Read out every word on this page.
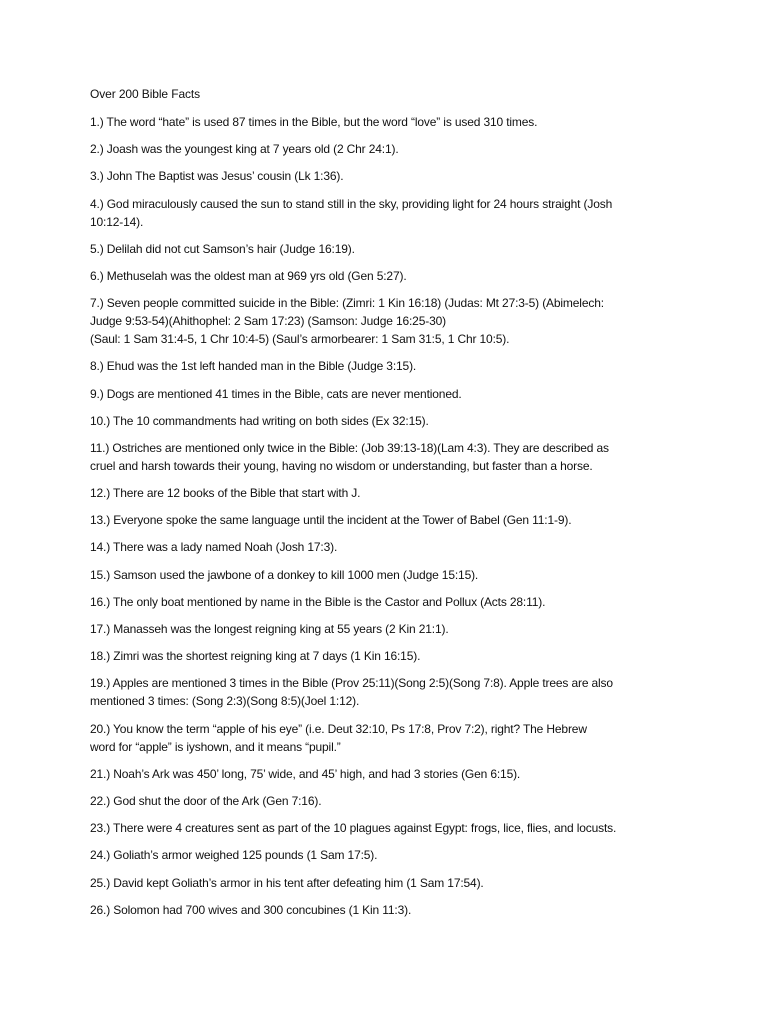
Over 200 Bible Facts
1.) The word “hate” is used 87 times in the Bible, but the word “love” is used 310 times.
2.) Joash was the youngest king at 7 years old (2 Chr 24:1).
3.) John The Baptist was Jesus’ cousin (Lk 1:36).
4.) God miraculously caused the sun to stand still in the sky, providing light for 24 hours straight (Josh
10:12-14).
5.) Delilah did not cut Samson’s hair (Judge 16:19).
6.) Methuselah was the oldest man at 969 yrs old (Gen 5:27).
7.) Seven people committed suicide in the Bible: (Zimri: 1 Kin 16:18) (Judas: Mt 27:3-5) (Abimelech:
Judge 9:53-54)(Ahithophel: 2 Sam 17:23) (Samson: Judge 16:25-30)
(Saul: 1 Sam 31:4-5, 1 Chr 10:4-5) (Saul’s armorbearer: 1 Sam 31:5, 1 Chr 10:5).
8.) Ehud was the 1st left handed man in the Bible (Judge 3:15).
9.) Dogs are mentioned 41 times in the Bible, cats are never mentioned.
10.) The 10 commandments had writing on both sides (Ex 32:15).
11.) Ostriches are mentioned only twice in the Bible: (Job 39:13-18)(Lam 4:3). They are described as
cruel and harsh towards their young, having no wisdom or understanding, but faster than a horse.
12.) There are 12 books of the Bible that start with J.
13.) Everyone spoke the same language until the incident at the Tower of Babel (Gen 11:1-9).
14.) There was a lady named Noah (Josh 17:3).
15.) Samson used the jawbone of a donkey to kill 1000 men (Judge 15:15).
16.) The only boat mentioned by name in the Bible is the Castor and Pollux (Acts 28:11).
17.) Manasseh was the longest reigning king at 55 years (2 Kin 21:1).
18.) Zimri was the shortest reigning king at 7 days (1 Kin 16:15).
19.) Apples are mentioned 3 times in the Bible (Prov 25:11)(Song 2:5)(Song 7:8). Apple trees are also
mentioned 3 times: (Song 2:3)(Song 8:5)(Joel 1:12).
20.) You know the term “apple of his eye” (i.e. Deut 32:10, Ps 17:8, Prov 7:2), right? The Hebrew
word for “apple” is iyshown, and it means “pupil.”
21.) Noah’s Ark was 450’ long, 75’ wide, and 45’ high, and had 3 stories (Gen 6:15).
22.) God shut the door of the Ark (Gen 7:16).
23.) There were 4 creatures sent as part of the 10 plagues against Egypt: frogs, lice, flies, and locusts.
24.) Goliath’s armor weighed 125 pounds (1 Sam 17:5).
25.) David kept Goliath’s armor in his tent after defeating him (1 Sam 17:54).
26.) Solomon had 700 wives and 300 concubines (1 Kin 11:3).
